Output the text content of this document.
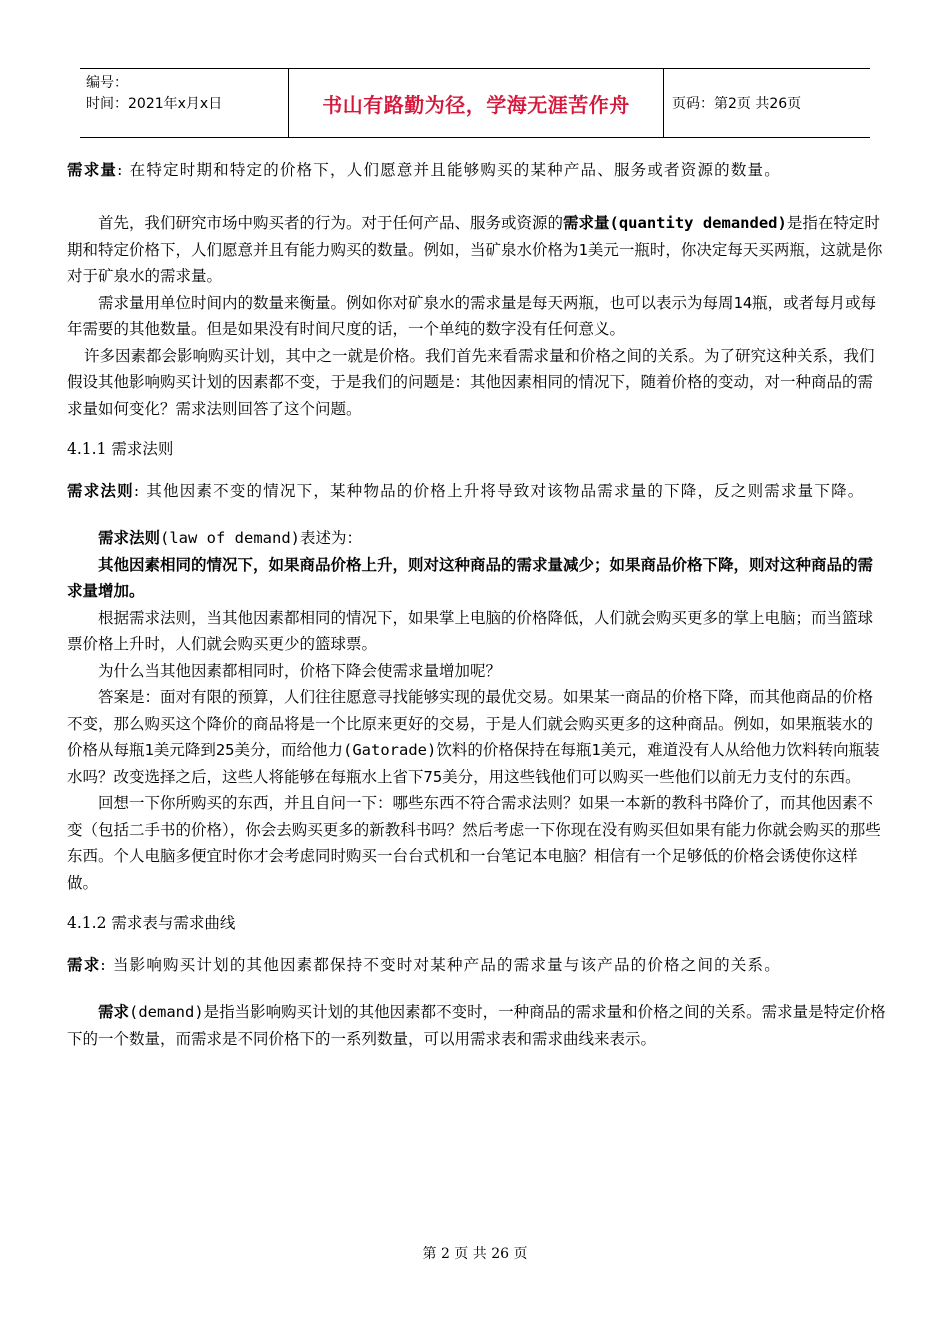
编号：
时间：2021年x月x日	书山有路勤为径，学海无涯苦作舟	页码：第2页 共26页

需求量: 在特定时期和特定的价格下，人们愿意并且能够购买的某种产品、服务或者资源的数量。

首先，我们研究市场中购买者的行为。对于任何产品、服务或资源的需求量(quantity demanded)是指在特定时期和特定价格下，人们愿意并且有能力购买的数量。例如，当矿泉水价格为1美元一瓶时，你决定每天买两瓶，这就是你对于矿泉水的需求量。

需求量用单位时间内的数量来衡量。例如你对矿泉水的需求量是每天两瓶，也可以表示为每周14瓶，或者每月或每年需要的其他数量。但是如果没有时间尺度的话，一个单纯的数字没有任何意义。

许多因素都会影响购买计划，其中之一就是价格。我们首先来看需求量和价格之间的关系。为了研究这种关系，我们假设其他影响购买计划的因素都不变，于是我们的问题是：其他因素相同的情况下，随着价格的变动，对一种商品的需求量如何变化？需求法则回答了这个问题。

4.1.1 需求法则

需求法则: 其他因素不变的情况下，某种物品的价格上升将导致对该物品需求量的下降，反之则需求量下降。

需求法则(law of demand)表述为：

其他因素相同的情况下，如果商品价格上升，则对这种商品的需求量减少；如果商品价格下降，则对这种商品的需求量增加。

根据需求法则，当其他因素都相同的情况下，如果掌上电脑的价格降低，人们就会购买更多的掌上电脑；而当篮球票价格上升时，人们就会购买更少的篮球票。

为什么当其他因素都相同时，价格下降会使需求量增加呢？

答案是：面对有限的预算，人们往往愿意寻找能够实现的最优交易。如果某一商品的价格下降，而其他商品的价格不变，那么购买这个降价的商品将是一个比原来更好的交易，于是人们就会购买更多的这种商品。例如，如果瓶装水的价格从每瓶1美元降到25美分，而给他力(Gatorade)饮料的价格保持在每瓶1美元，难道没有人从给他力饮料转向瓶装水吗？改变选择之后，这些人将能够在每瓶水上省下75美分，用这些钱他们可以购买一些他们以前无力支付的东西。

回想一下你所购买的东西，并且自问一下：哪些东西不符合需求法则？如果一本新的教科书降价了，而其他因素不变（包括二手书的价格），你会去购买更多的新教科书吗？然后考虑一下你现在没有购买但如果有能力你就会购买的那些东西。个人电脑多便宜时你才会考虑同时购买一台台式机和一台笔记本电脑？相信有一个足够低的价格会诱使你这样做。

4.1.2 需求表与需求曲线

需求: 当影响购买计划的其他因素都保持不变时对某种产品的需求量与该产品的价格之间的关系。

需求(demand)是指当影响购买计划的其他因素都不变时，一种商品的需求量和价格之间的关系。需求量是特定价格下的一个数量，而需求是不同价格下的一系列数量，可以用需求表和需求曲线来表示。

第 2 页 共 26 页
